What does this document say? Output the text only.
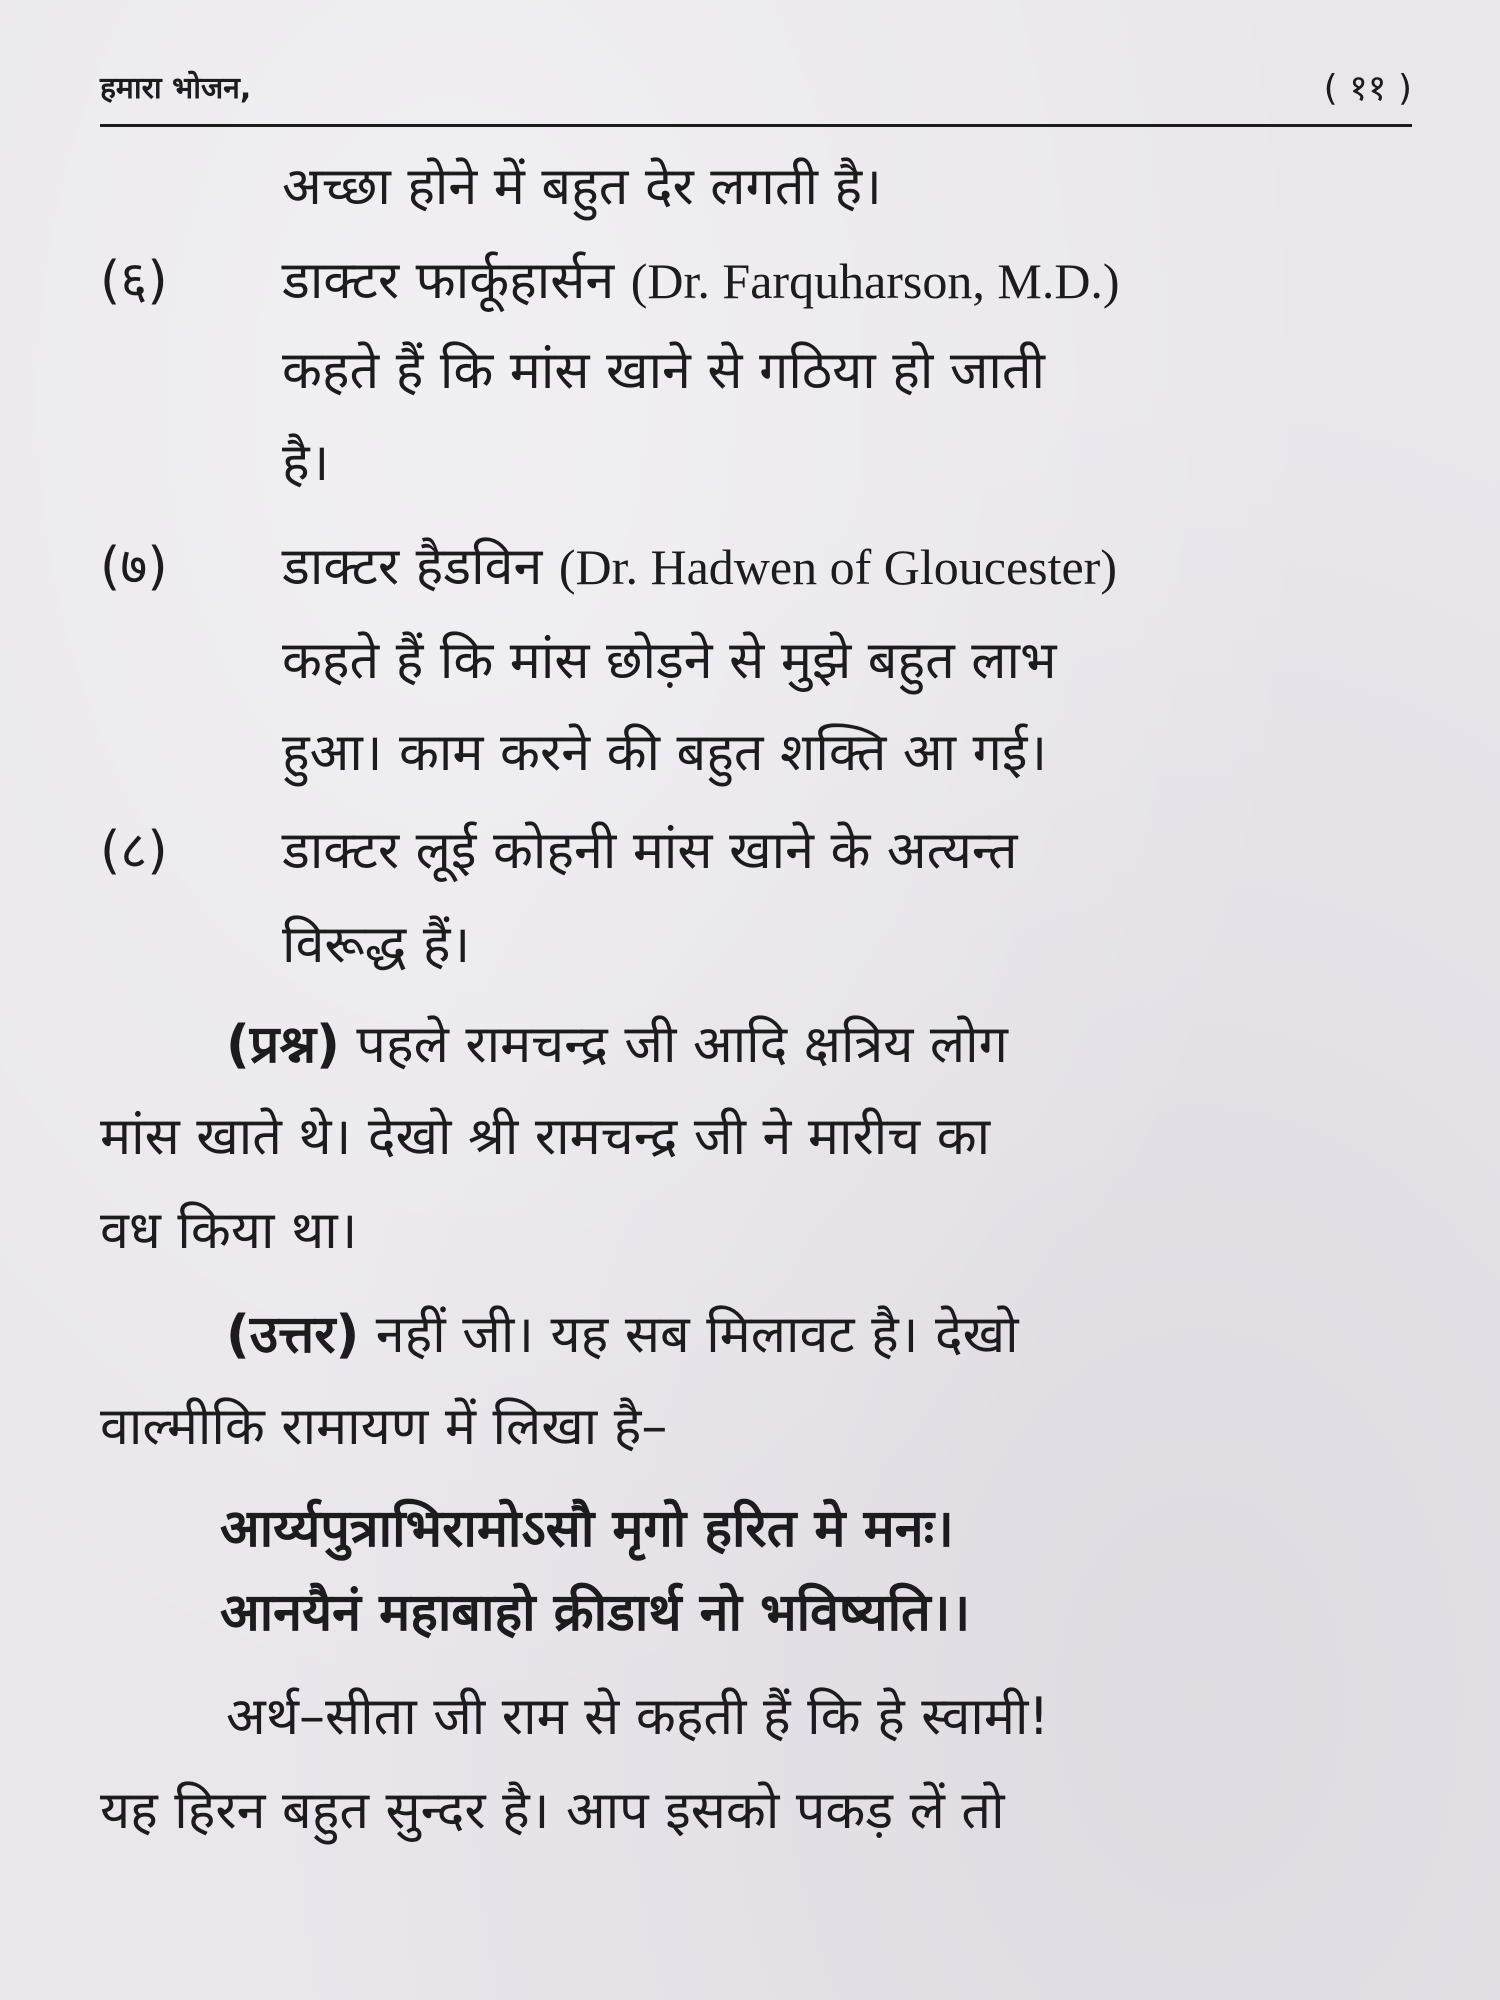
हमारा भोजन,	( ११ )
अच्छा होने में बहुत देर लगती है।
(६) डाक्टर फार्कूहार्सन (Dr. Farquharson, M.D.)
कहते हैं कि मांस खाने से गठिया हो जाती
है।
(७) डाक्टर हैडविन (Dr. Hadwen of Gloucester)
कहते हैं कि मांस छोड़ने से मुझे बहुत लाभ
हुआ। काम करने की बहुत शक्ति आ गई।
(८) डाक्टर लूई कोहनी मांस खाने के अत्यन्त
विरूद्ध हैं।
(प्रश्न) पहले रामचन्द्र जी आदि क्षत्रिय लोग
मांस खाते थे। देखो श्री रामचन्द्र जी ने मारीच का
वध किया था।
(उत्तर) नहीं जी। यह सब मिलावट है। देखो
वाल्मीकि रामायण में लिखा है–
आर्य्यपुत्राभिरामोऽसौ मृगो हरित मे मनः।
आनयैनं महाबाहो क्रीडार्थ नो भविष्यति।।
अर्थ–सीता जी राम से कहती हैं कि हे स्वामी!
यह हिरन बहुत सुन्दर है। आप इसको पकड़ लें तो
